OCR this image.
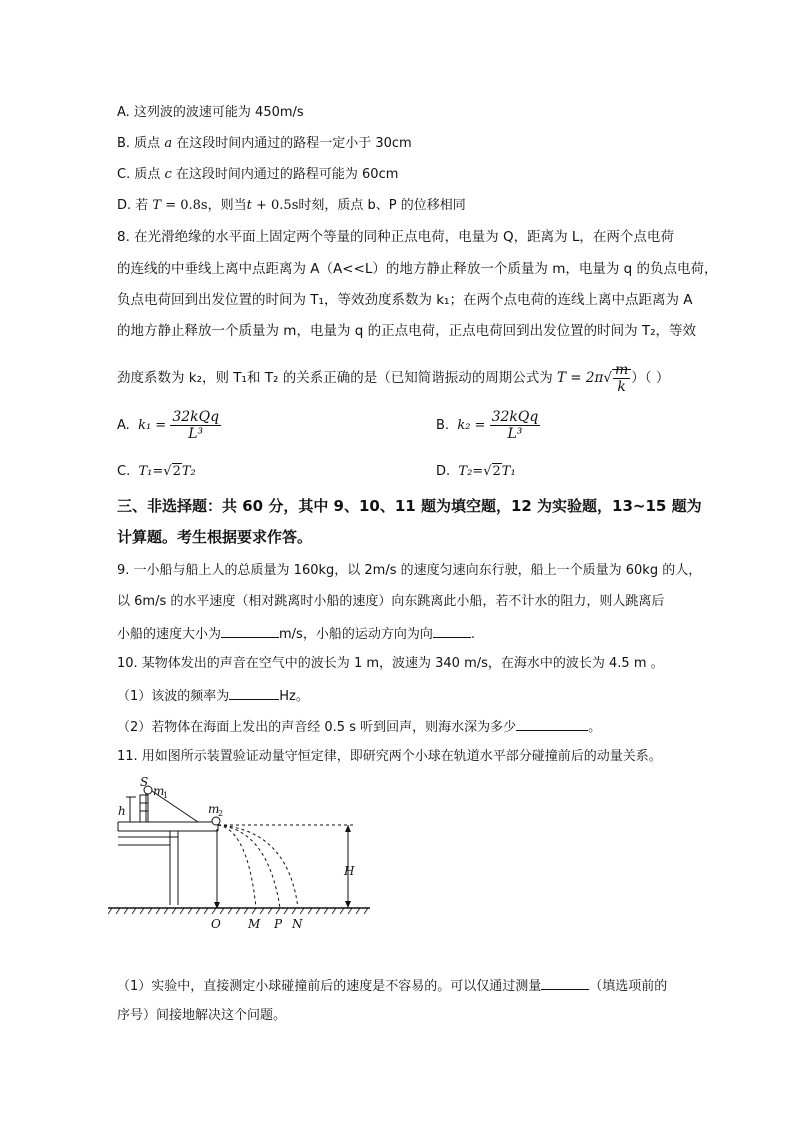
A. 这列波的波速可能为 450m/s
B. 质点 a 在这段时间内通过的路程一定小于 30cm
C. 质点 c 在这段时间内通过的路程可能为 60cm
D. 若 T = 0.8s，则当t + 0.5s时刻，质点 b、P 的位移相同
8. 在光滑绝缘的水平面上固定两个等量的同种正点电荷，电量为 Q，距离为 L，在两个点电荷
的连线的中垂线上离中点距离为 A（A<<L）的地方静止释放一个质量为 m，电量为 q 的负点电荷，
负点电荷回到出发位置的时间为 T₁，等效劲度系数为 k₁；在两个点电荷的连线上离中点距离为 A
的地方静止释放一个质量为 m，电量为 q 的正点电荷，正点电荷回到出发位置的时间为 T₂，等效
劲度系数为 k₂，则 T₁和 T₂ 的关系正确的是（已知简谐振动的周期公式为 $T = 2\pi√ \frac{m}{k}$ ）（ ）
A. $k_1 = \frac{\text{32kQq}}{\text{L³}}$	B. $k_2 = \frac{\text{32kQq}}{\text{L³}}$
C. T₁=√2T₂	D. T₂=√2T₁
三、非选择题：共 60 分，其中 9、10、11 题为填空题，12 为实验题，13~15 题为
计算题。考生根据要求作答。
9. 一小船与船上人的总质量为 160kg，以 2m/s 的速度匀速向东行驶，船上一个质量为 60kg 的人，
以 6m/s 的水平速度（相对跳离时小船的速度）向东跳离此小船，若不计水的阻力，则人跳离后
小船的速度大小为	m/s，小船的运动方向为向	.
10. 某物体发出的声音在空气中的波长为 1 m，波速为 340 m/s，在海水中的波长为 4.5 m 。
（1）该波的频率为	Hz。
（2）若物体在海面上发出的声音经 0.5 s 听到回声，则海水深为多少	。
11. 用如图所示装置验证动量守恒定律，即研究两个小球在轨道水平部分碰撞前后的动量关系。
S
m
1
m
2
h
H
O M P N
（1）实验中，直接测定小球碰撞前后的速度是不容易的。可以仅通过测量	（填选项前的
序号）间接地解决这个问题。
